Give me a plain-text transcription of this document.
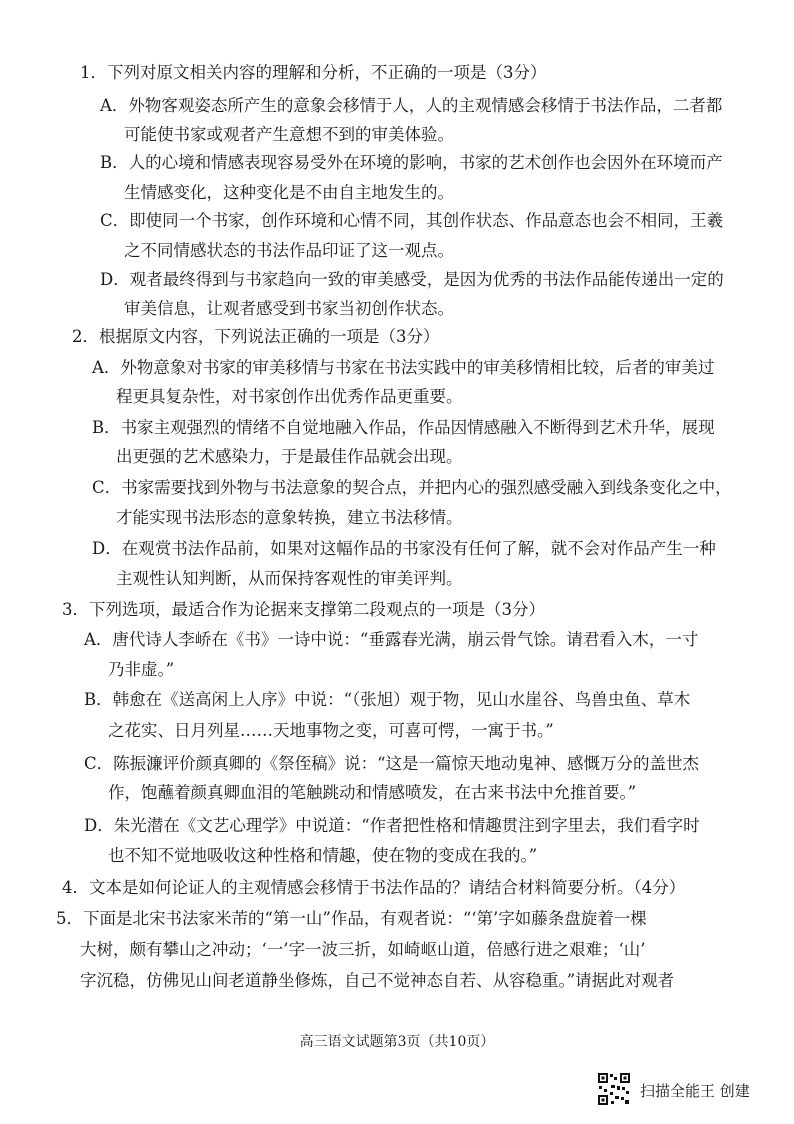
1．下列对原文相关内容的理解和分析，不正确的一项是（3分）
A．外物客观姿态所产生的意象会移情于人，人的主观情感会移情于书法作品，二者都
可能使书家或观者产生意想不到的审美体验。
B．人的心境和情感表现容易受外在环境的影响，书家的艺术创作也会因外在环境而产
生情感变化，这种变化是不由自主地发生的。
C．即使同一个书家，创作环境和心情不同，其创作状态、作品意态也会不相同，王羲
之不同情感状态的书法作品印证了这一观点。
D．观者最终得到与书家趋向一致的审美感受，是因为优秀的书法作品能传递出一定的
审美信息，让观者感受到书家当初创作状态。
2．根据原文内容，下列说法正确的一项是（3分）
A．外物意象对书家的审美移情与书家在书法实践中的审美移情相比较，后者的审美过
程更具复杂性，对书家创作出优秀作品更重要。
B．书家主观强烈的情绪不自觉地融入作品，作品因情感融入不断得到艺术升华，展现
出更强的艺术感染力，于是最佳作品就会出现。
C．书家需要找到外物与书法意象的契合点，并把内心的强烈感受融入到线条变化之中，
才能实现书法形态的意象转换，建立书法移情。
D．在观赏书法作品前，如果对这幅作品的书家没有任何了解，就不会对作品产生一种
主观性认知判断，从而保持客观性的审美评判。
3．下列选项，最适合作为论据来支撑第二段观点的一项是（3分）
A．唐代诗人李峤在《书》一诗中说：“垂露春光满，崩云骨气馀。请君看入木，一寸
乃非虚。”
B．韩愈在《送高闲上人序》中说：“（张旭）观于物，见山水崖谷、鸟兽虫鱼、草木
之花实、日月列星……天地事物之变，可喜可愕，一寓于书。”
C．陈振濂评价颜真卿的《祭侄稿》说：“这是一篇惊天地动鬼神、感慨万分的盖世杰
作，饱蘸着颜真卿血泪的笔触跳动和情感喷发，在古来书法中允推首要。”
D．朱光潜在《文艺心理学》中说道：“作者把性格和情趣贯注到字里去，我们看字时
也不知不觉地吸收这种性格和情趣，使在物的变成在我的。”
4．文本是如何论证人的主观情感会移情于书法作品的？请结合材料简要分析。（4分）
5．下面是北宋书法家米芾的“第一山”作品，有观者说：“‘第’字如藤条盘旋着一棵
大树，颇有攀山之冲动；‘一’字一波三折，如崎岖山道，倍感行进之艰难；‘山’
字沉稳，仿佛见山间老道静坐修炼，自己不觉神态自若、从容稳重。”请据此对观者
高三语文试题第3页（共10页）
扫描全能王 创建
